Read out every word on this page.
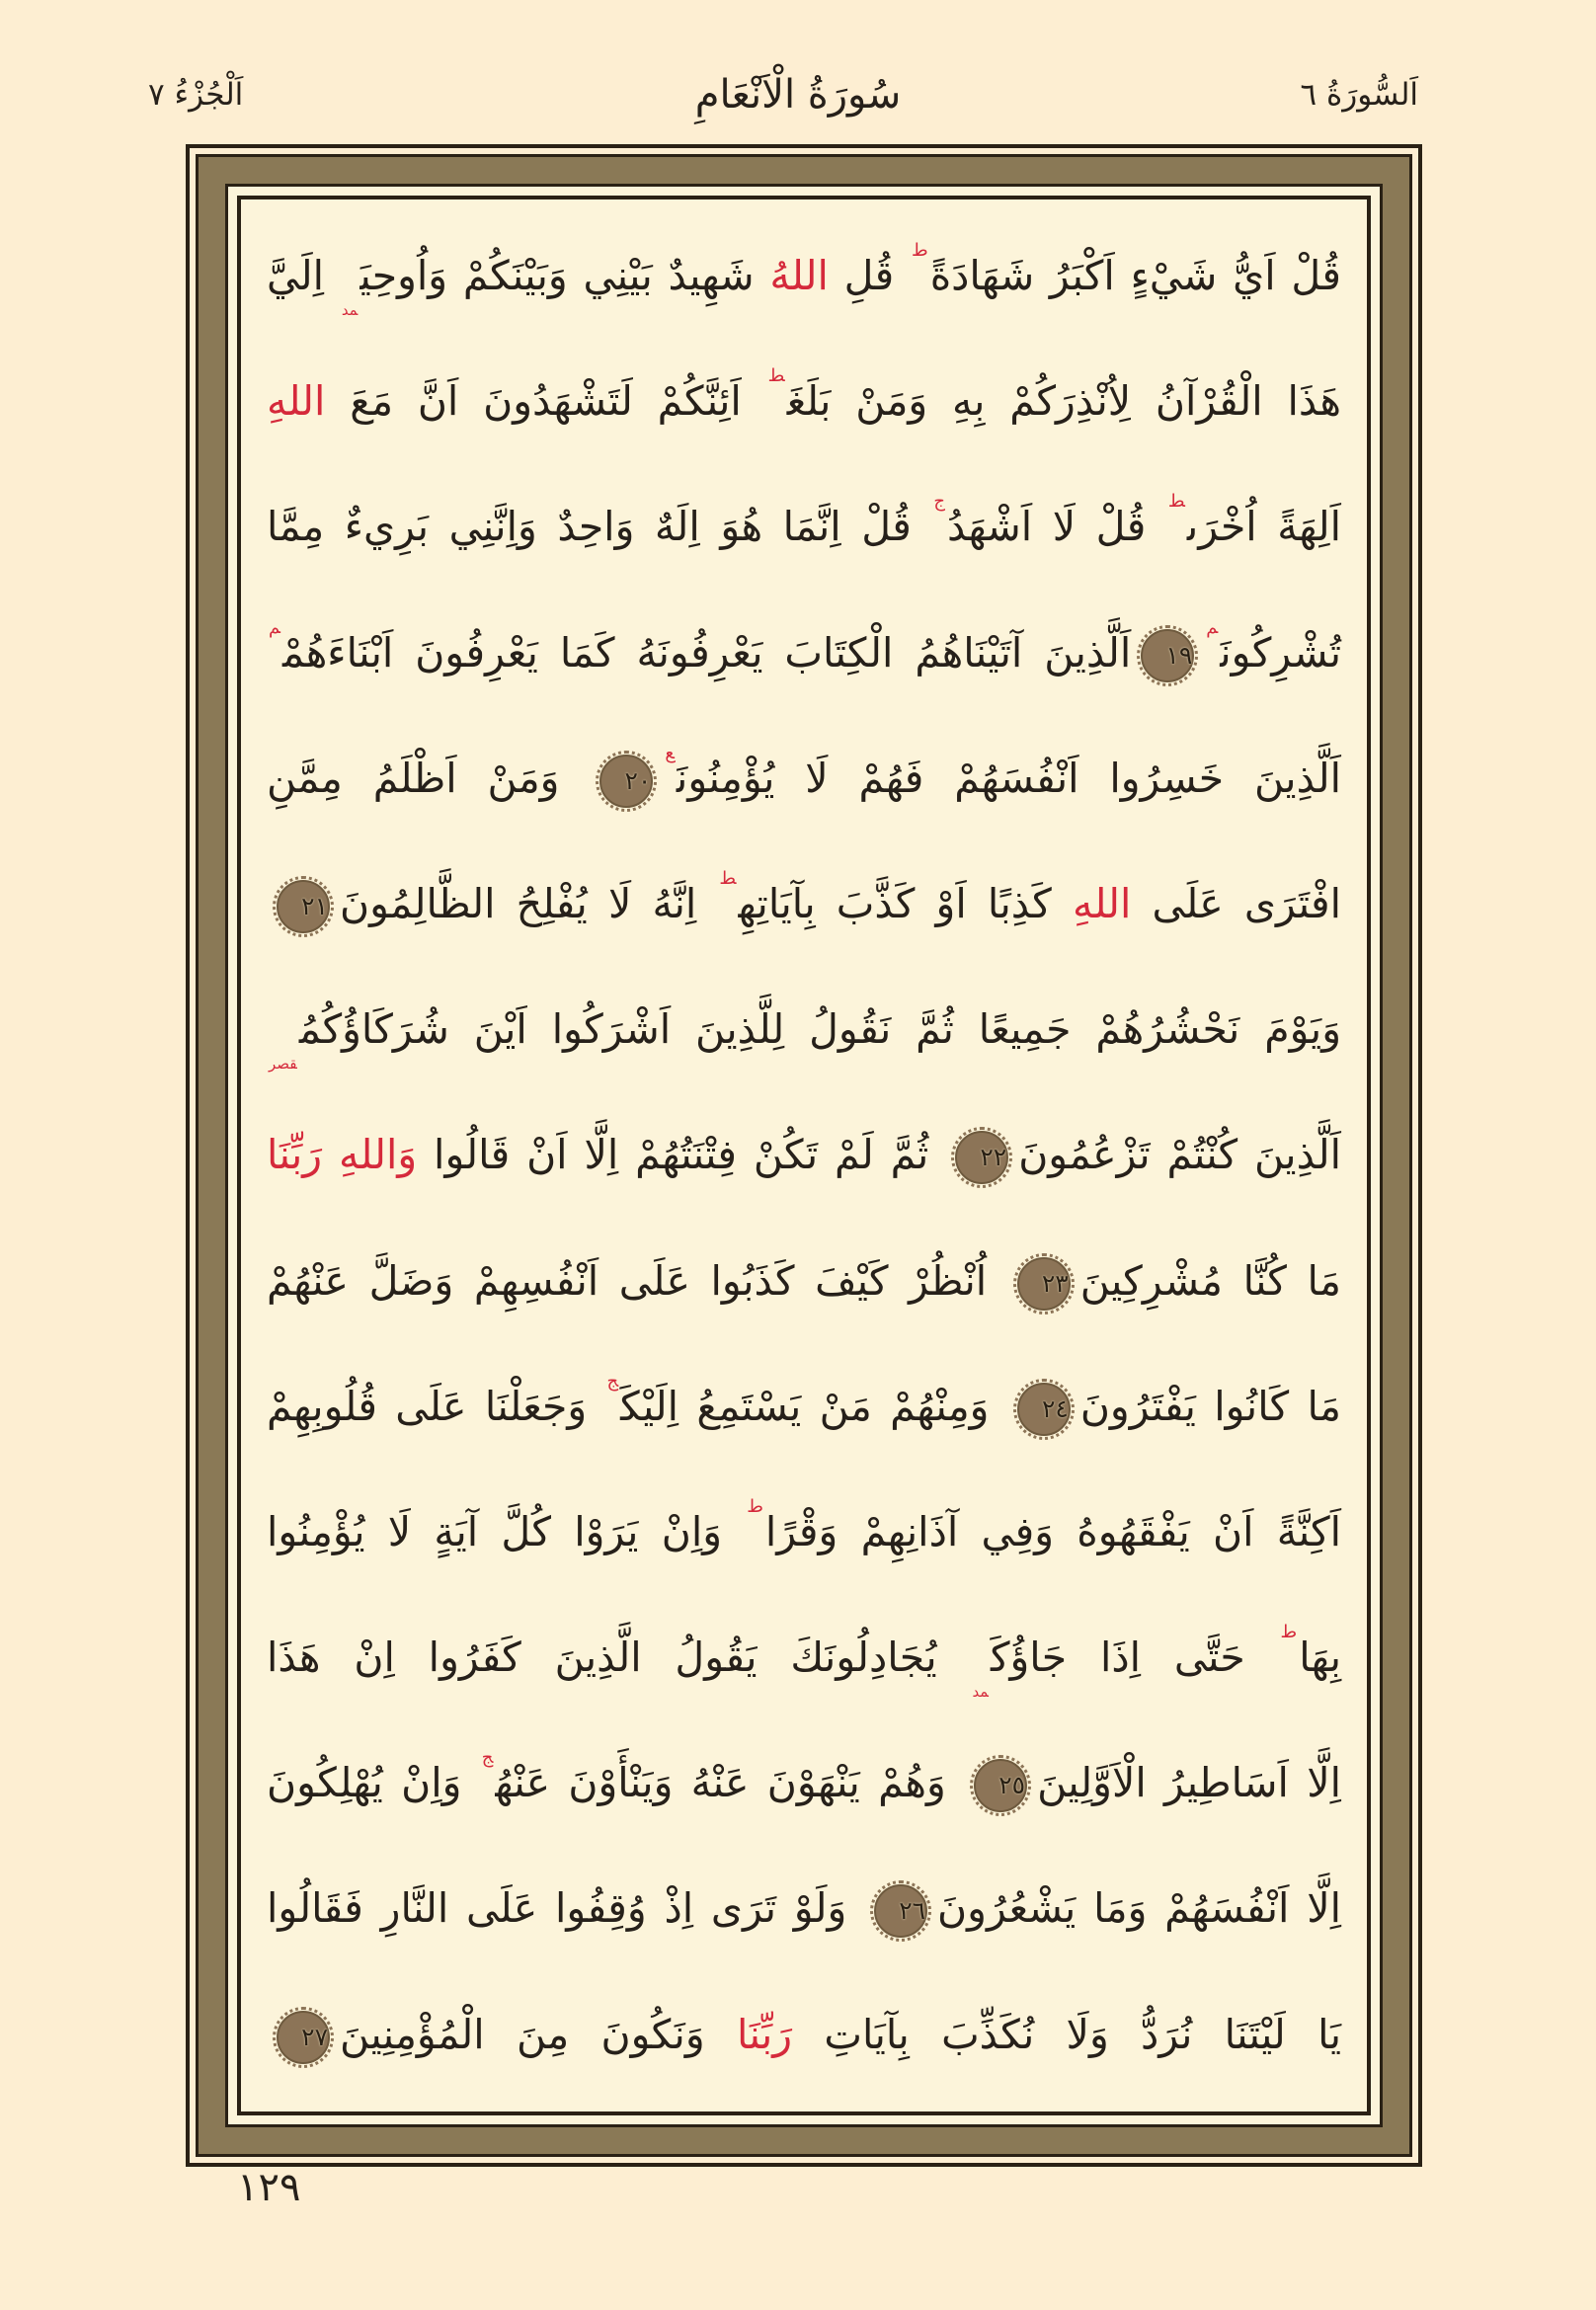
اَلسُّورَةُ ٦
سُورَةُ الْاَنْعَامِ
اَلْجُزْءُ ٧
قُلْ اَيُّ شَيْءٍ اَكْبَرُ شَهَادَةً$^ط$ قُلِ اللهُ شَهِيدٌ بَيْنِي وَبَيْنَكُمْ $وَاُوحِيَ_{مد}$ اِلَيَّ
هَذَا الْقُرْآنُ لِاُنْذِرَكُمْ بِهِ وَمَنْ بَلَغَ$^ط$ اَئِنَّكُمْ لَتَشْهَدُونَ اَنَّ مَعَ اللهِ
اَلِهَةً اُخْرَى$^ط$ قُلْ لَا اَشْهَدُ$^ج$ قُلْ اِنَّمَا هُوَ اِلَهٌ وَاحِدٌ وَاِنَّنِي بَرِيءٌ مِمَّا
تُشْرِكُونَ$^م$١٩اَلَّذِينَ آتَيْنَاهُمُ الْكِتَابَ يَعْرِفُونَهُ كَمَا يَعْرِفُونَ اَبْنَاءَهُمْ$^م$
اَلَّذِينَ خَسِرُوا اَنْفُسَهُمْ فَهُمْ لَا يُؤْمِنُونَ$^ع$٢٠ وَمَنْ اَظْلَمُ مِمَّنِ
افْتَرَى عَلَى اللهِ كَذِبًا اَوْ كَذَّبَ بِآيَاتِهِ$^ط$ اِنَّهُ لَا يُفْلِحُ الظَّالِمُونَ٢١
وَيَوْمَ نَحْشُرُهُمْ جَمِيعًا ثُمَّ نَقُولُ لِلَّذِينَ اَشْرَكُوا اَيْنَ $شُرَكَاؤُكُمُ_{قصر}$
اَلَّذِينَ كُنْتُمْ تَزْعُمُونَ٢٢ ثُمَّ لَمْ تَكُنْ فِتْنَتُهُمْ اِلَّا اَنْ قَالُوا وَاللهِ رَبِّنَا
مَا كُنَّا مُشْرِكِينَ٢٣ اُنْظُرْ كَيْفَ كَذَبُوا عَلَى اَنْفُسِهِمْ وَضَلَّ عَنْهُمْ
مَا كَانُوا يَفْتَرُونَ٢٤ وَمِنْهُمْ مَنْ يَسْتَمِعُ اِلَيْكَ$^ج$ وَجَعَلْنَا عَلَى قُلُوبِهِمْ
اَكِنَّةً اَنْ يَفْقَهُوهُ وَفِي آذَانِهِمْ وَقْرًا$^ط$ وَاِنْ يَرَوْا كُلَّ آيَةٍ لَا يُؤْمِنُوا
بِهَا$^ط$ حَتَّى اِذَا $جَاؤُكَ_{مد}$ يُجَادِلُونَكَ يَقُولُ الَّذِينَ كَفَرُوا اِنْ هَذَا
اِلَّا اَسَاطِيرُ الْاَوَّلِينَ٢٥ وَهُمْ يَنْهَوْنَ عَنْهُ وَيَنْأَوْنَ عَنْهُ$^ج$ وَاِنْ يُهْلِكُونَ
اِلَّا اَنْفُسَهُمْ وَمَا يَشْعُرُونَ٢٦ وَلَوْ تَرَى اِذْ وُقِفُوا عَلَى النَّارِ فَقَالُوا
يَا لَيْتَنَا نُرَدُّ وَلَا نُكَذِّبَ بِآيَاتِ رَبِّنَا وَنَكُونَ مِنَ الْمُؤْمِنِينَ٢٧
١٢٩
